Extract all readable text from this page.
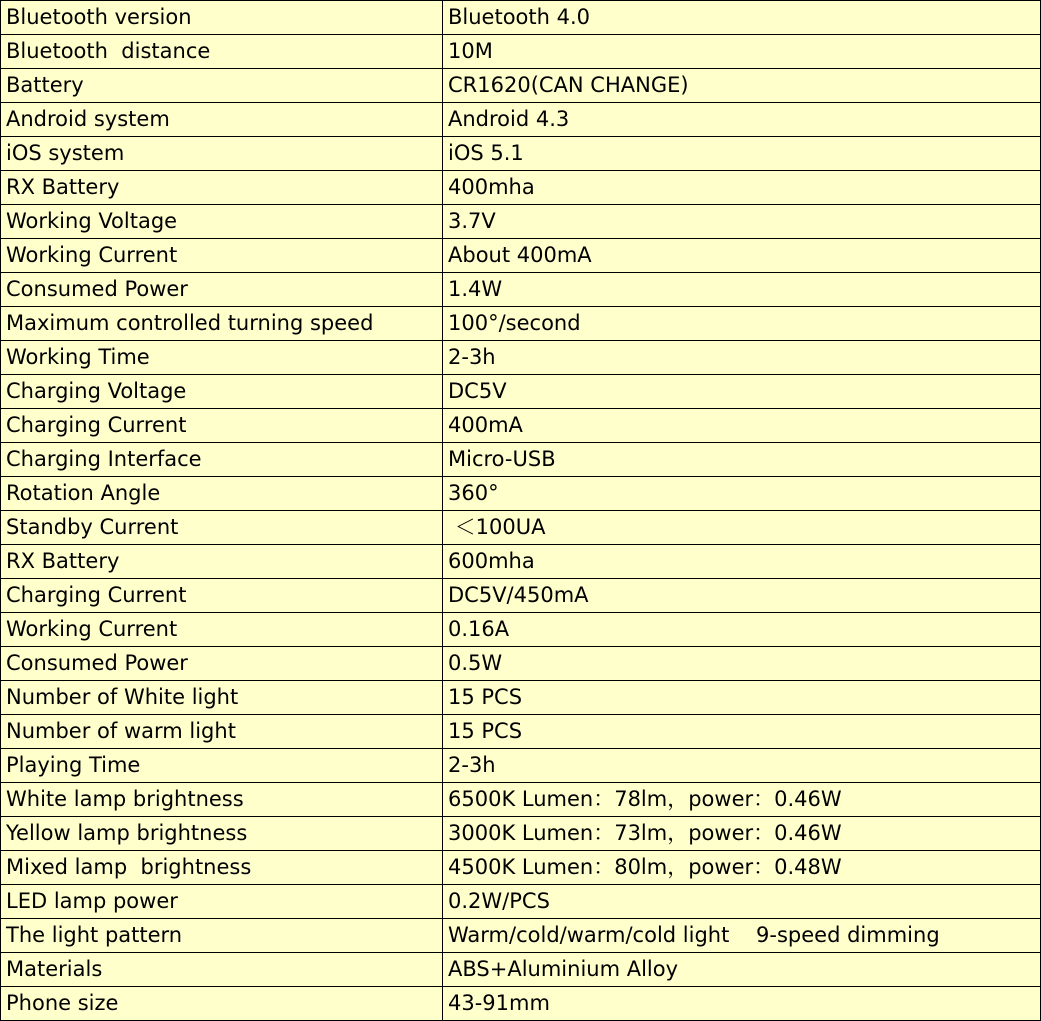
Bluetooth version	Bluetooth 4.0
Bluetooth  distance	10M
Battery	CR1620(CAN CHANGE)
Android system	Android 4.3
iOS system	iOS 5.1
RX Battery	400mha
Working Voltage	3.7V
Working Current	About 400mA
Consumed Power	1.4W
Maximum controlled turning speed	100°/second
Working Time	2-3h
Charging Voltage	DC5V
Charging Current	400mA
Charging Interface	Micro-USB
Rotation Angle	360°
Standby Current	＜100UA
RX Battery	600mha
Charging Current	DC5V/450mA
Working Current	0.16A
Consumed Power	0.5W
Number of White light	15 PCS
Number of warm light	15 PCS
Playing Time	2-3h
White lamp brightness	6500K Lumen：78lm，power：0.46W
Yellow lamp brightness	3000K Lumen：73lm，power：0.46W
Mixed lamp  brightness	4500K Lumen：80lm，power：0.48W
LED lamp power	0.2W/PCS
The light pattern	Warm/cold/warm/cold light    9-speed dimming
Materials	ABS+Aluminium Alloy
Phone size	43-91mm
